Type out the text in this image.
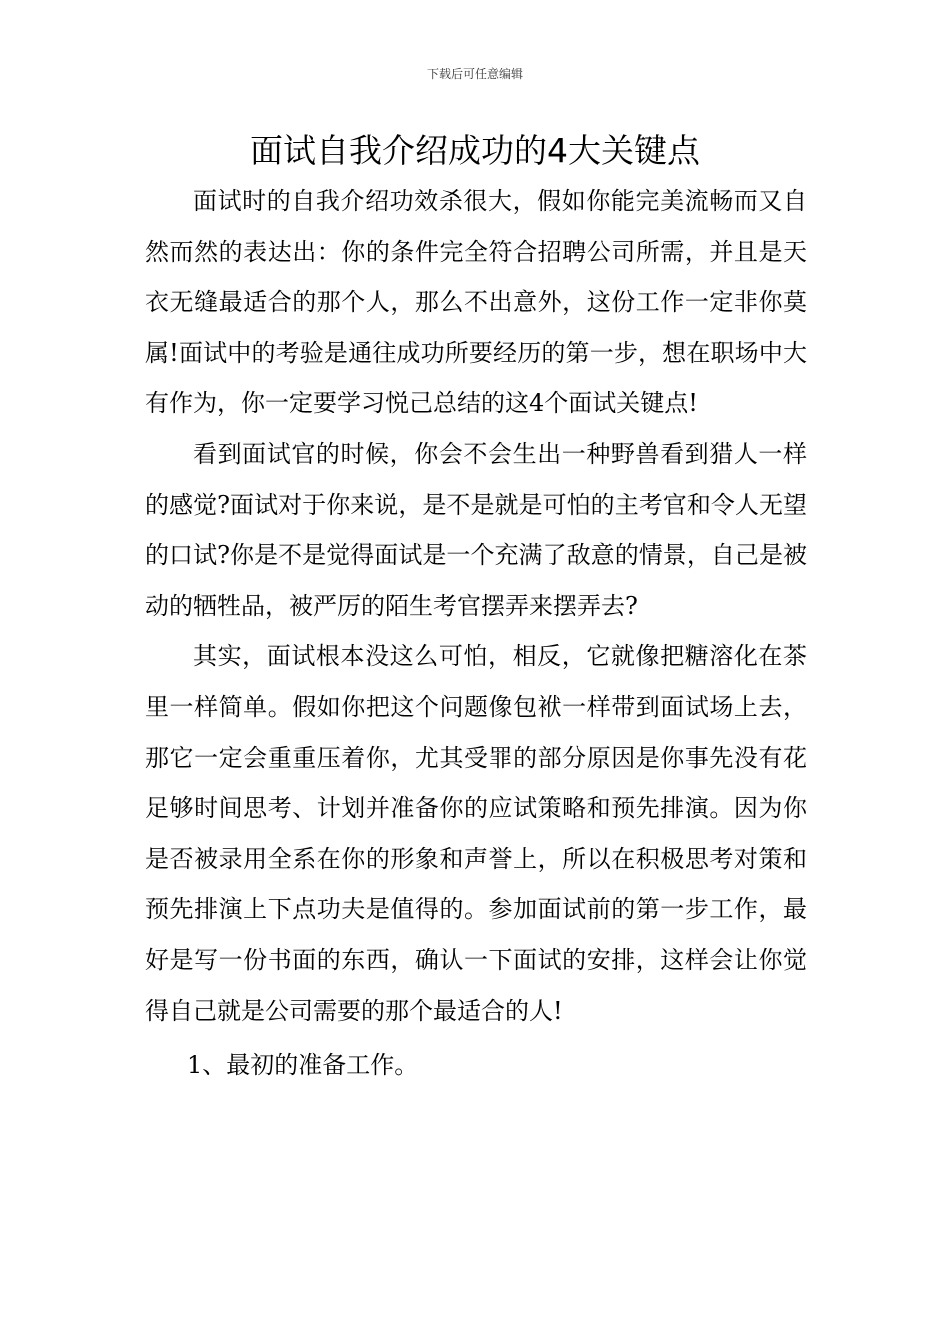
下载后可任意编辑
面试自我介绍成功的4大关键点

面试时的自我介绍功效杀很大，假如你能完美流畅而又自然而然的表达出：你的条件完全符合招聘公司所需，并且是天衣无缝最适合的那个人，那么不出意外，这份工作一定非你莫属!面试中的考验是通往成功所要经历的第一步，想在职场中大有作为，你一定要学习悦己总结的这4个面试关键点!

看到面试官的时候，你会不会生出一种野兽看到猎人一样的感觉?面试对于你来说，是不是就是可怕的主考官和令人无望的口试?你是不是觉得面试是一个充满了敌意的情景，自己是被动的牺牲品，被严厉的陌生考官摆弄来摆弄去?

其实，面试根本没这么可怕，相反，它就像把糖溶化在茶里一样简单。假如你把这个问题像包袱一样带到面试场上去，那它一定会重重压着你，尤其受罪的部分原因是你事先没有花足够时间思考、计划并准备你的应试策略和预先排演。因为你是否被录用全系在你的形象和声誉上，所以在积极思考对策和预先排演上下点功夫是值得的。参加面试前的第一步工作，最好是写一份书面的东西，确认一下面试的安排，这样会让你觉得自己就是公司需要的那个最适合的人!

1、最初的准备工作。
